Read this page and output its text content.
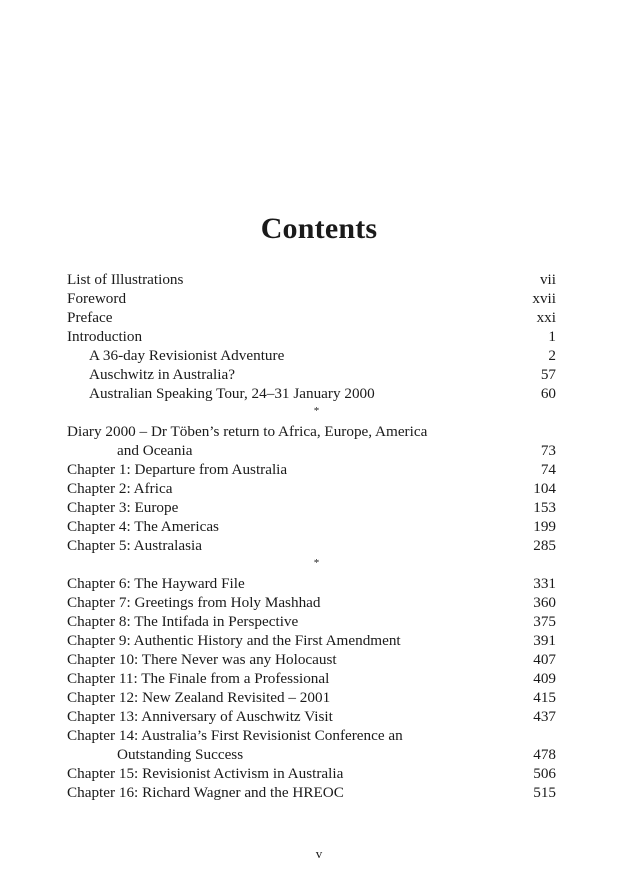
Contents
List of Illustrations	vii
Foreword	xvii
Preface	xxi
Introduction	1
A 36-day Revisionist Adventure	2
Auschwitz in Australia?	57
Australian Speaking Tour, 24–31 January 2000	60
*
Diary 2000 – Dr Töben’s return to Africa, Europe, America
and Oceania	73
Chapter 1: Departure from Australia	74
Chapter 2: Africa	104
Chapter 3: Europe	153
Chapter 4: The Americas	199
Chapter 5: Australasia	285
*
Chapter 6: The Hayward File	331
Chapter 7: Greetings from Holy Mashhad	360
Chapter 8: The Intifada in Perspective	375
Chapter 9: Authentic History and the First Amendment	391
Chapter 10: There Never was any Holocaust	407
Chapter 11: The Finale from a Professional	409
Chapter 12: New Zealand Revisited – 2001	415
Chapter 13: Anniversary of Auschwitz Visit	437
Chapter 14: Australia’s First Revisionist Conference an
Outstanding Success	478
Chapter 15: Revisionist Activism in Australia	506
Chapter 16: Richard Wagner and the HREOC	515
v
